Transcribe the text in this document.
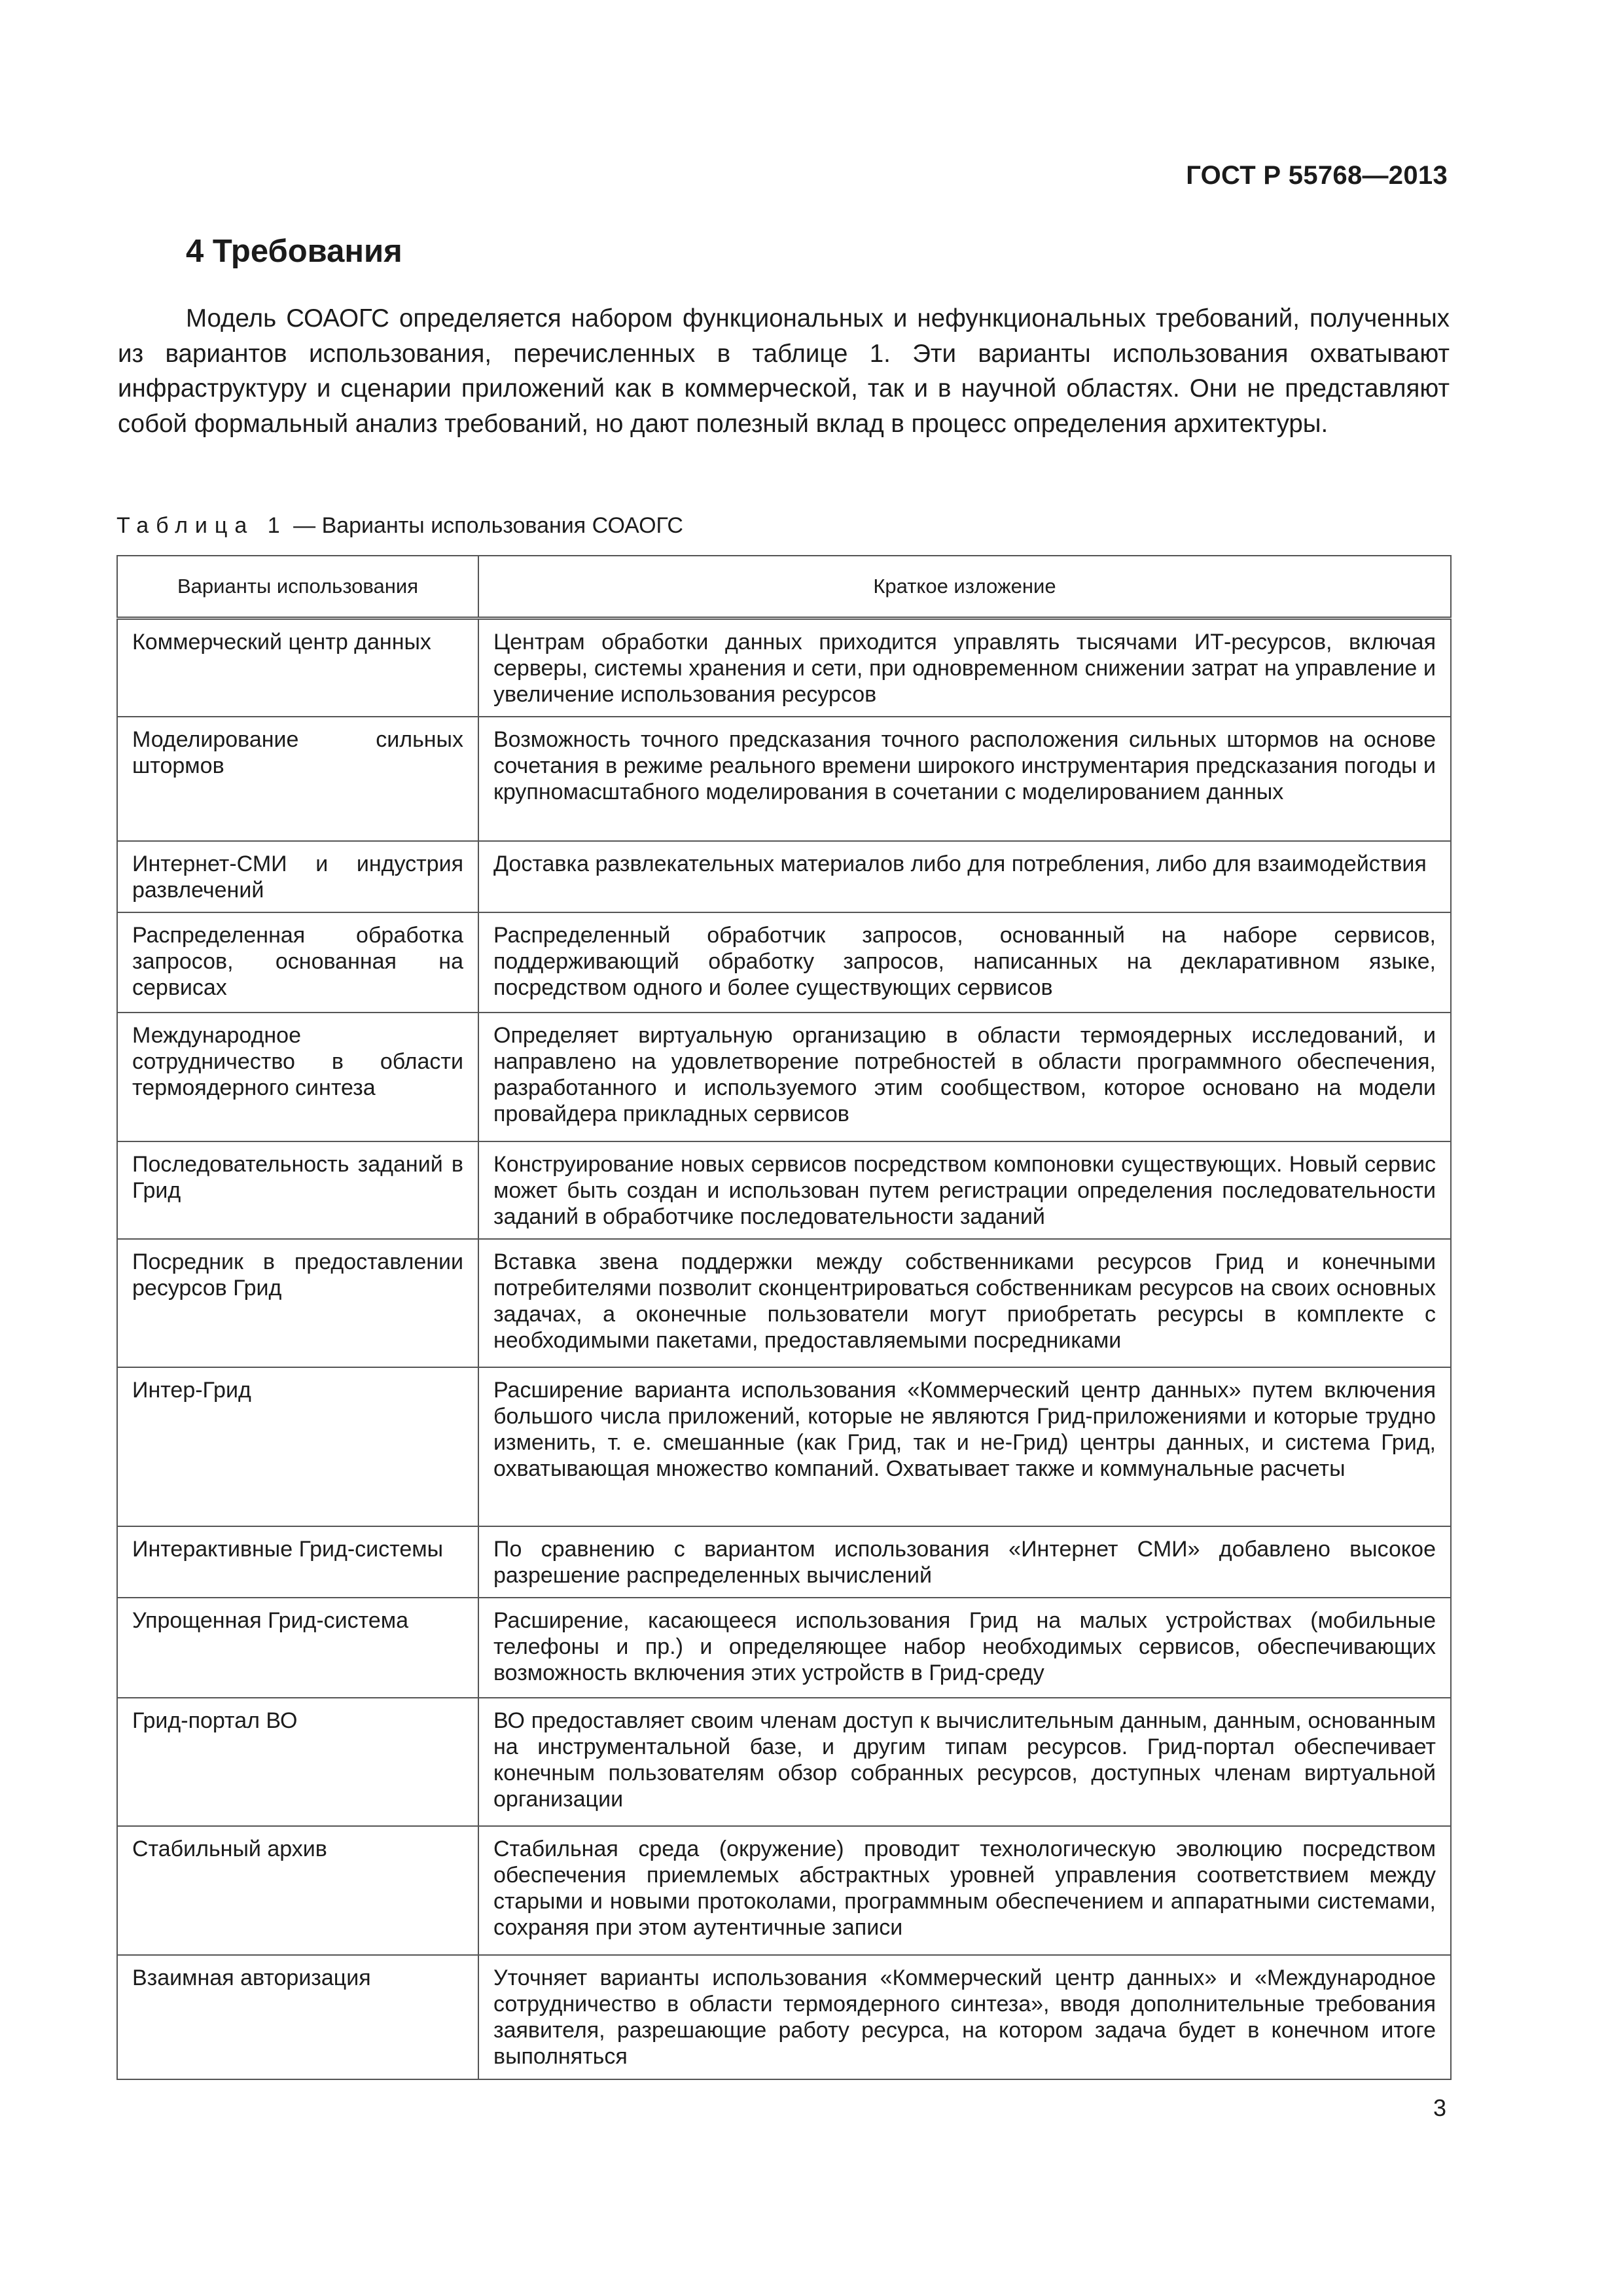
ГОСТ Р 55768—2013
4 Требования

Модель СОАОГС определяется набором функциональных и нефункциональных требований, полученных из вариантов использования, перечисленных в таблице 1. Эти варианты использования охватывают инфраструктуру и сценарии приложений как в коммерческой, так и в научной областях. Они не представляют собой формальный анализ требований, но дают полезный вклад в процесс определения архитектуры.

Таблица 1 — Варианты использования СОАОГС

Варианты использования	Краткое изложение
Коммерческий центр данных	Центрам обработки данных приходится управлять тысячами ИТ-ресурсов, включая серверы, системы хранения и сети, при одновременном снижении затрат на управление и увеличение использования ресурсов
Моделирование сильных штормов	Возможность точного предсказания точного расположения сильных штормов на основе сочетания в режиме реального времени широкого инструментария предсказания погоды и крупномасштабного моделирования в сочетании с моделированием данных
Интернет-СМИ и индустрия развлечений	Доставка развлекательных материалов либо для потребления, либо для взаимодействия
Распределенная обработка запросов, основанная на сервисах	Распределенный обработчик запросов, основанный на наборе сервисов, поддерживающий обработку запросов, написанных на декларативном языке, посредством одного и более существующих сервисов
Международное сотрудничество в области термоядерного синтеза	Определяет виртуальную организацию в области термоядерных исследований, и направлено на удовлетворение потребностей в области программного обеспечения, разработанного и используемого этим сообществом, которое основано на модели провайдера прикладных сервисов
Последовательность заданий в Грид	Конструирование новых сервисов посредством компоновки существующих. Новый сервис может быть создан и использован путем регистрации определения последовательности заданий в обработчике последовательности заданий
Посредник в предоставлении ресурсов Грид	Вставка звена поддержки между собственниками ресурсов Грид и конечными потребителями позволит сконцентрироваться собственникам ресурсов на своих основных задачах, а оконечные пользователи могут приобретать ресурсы в комплекте с необходимыми пакетами, предоставляемыми посредниками
Интер-Грид	Расширение варианта использования «Коммерческий центр данных» путем включения большого числа приложений, которые не являются Грид-приложениями и которые трудно изменить, т. е. смешанные (как Грид, так и не-Грид) центры данных, и система Грид, охватывающая множество компаний. Охватывает также и коммунальные расчеты
Интерактивные Грид-системы	По сравнению с вариантом использования «Интернет СМИ» добавлено высокое разрешение распределенных вычислений
Упрощенная Грид-система	Расширение, касающееся использования Грид на малых устройствах (мобильные телефоны и пр.) и определяющее набор необходимых сервисов, обеспечивающих возможность включения этих устройств в Грид-среду
Грид-портал ВО	ВО предоставляет своим членам доступ к вычислительным данным, данным, основанным на инструментальной базе, и другим типам ресурсов. Грид-портал обеспечивает конечным пользователям обзор собранных ресурсов, доступных членам виртуальной организации
Стабильный архив	Стабильная среда (окружение) проводит технологическую эволюцию посредством обеспечения приемлемых абстрактных уровней управления соответствием между старыми и новыми протоколами, программным обеспечением и аппаратными системами, сохраняя при этом аутентичные записи
Взаимная авторизация	Уточняет варианты использования «Коммерческий центр данных» и «Международное сотрудничество в области термоядерного синтеза», вводя дополнительные требования заявителя, разрешающие работу ресурса, на котором задача будет в конечном итоге выполняться
3
